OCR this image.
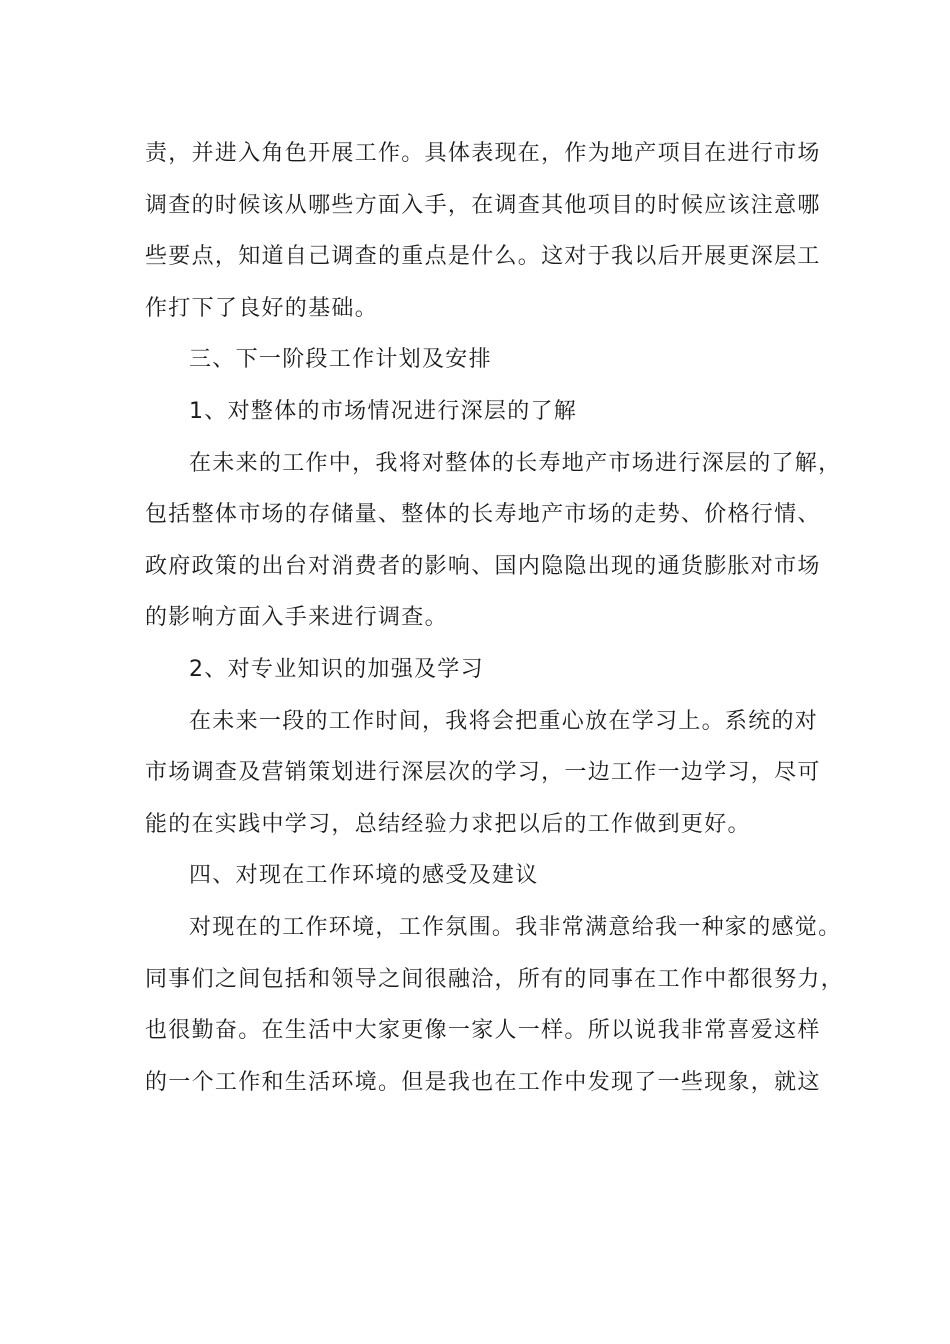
责，并进入角色开展工作。具体表现在，作为地产项目在进行市场
调查的时候该从哪些方面入手，在调查其他项目的时候应该注意哪
些要点，知道自己调查的重点是什么。这对于我以后开展更深层工
作打下了良好的基础。
三、下一阶段工作计划及安排
1、对整体的市场情况进行深层的了解
在未来的工作中，我将对整体的长寿地产市场进行深层的了解，
包括整体市场的存储量、整体的长寿地产市场的走势、价格行情、
政府政策的出台对消费者的影响、国内隐隐出现的通货膨胀对市场
的影响方面入手来进行调查。
2、对专业知识的加强及学习
在未来一段的工作时间，我将会把重心放在学习上。系统的对
市场调查及营销策划进行深层次的学习，一边工作一边学习，尽可
能的在实践中学习，总结经验力求把以后的工作做到更好。
四、对现在工作环境的感受及建议
对现在的工作环境，工作氛围。我非常满意给我一种家的感觉。
同事们之间包括和领导之间很融洽，所有的同事在工作中都很努力，
也很勤奋。在生活中大家更像一家人一样。所以说我非常喜爱这样
的一个工作和生活环境。但是我也在工作中发现了一些现象，就这
